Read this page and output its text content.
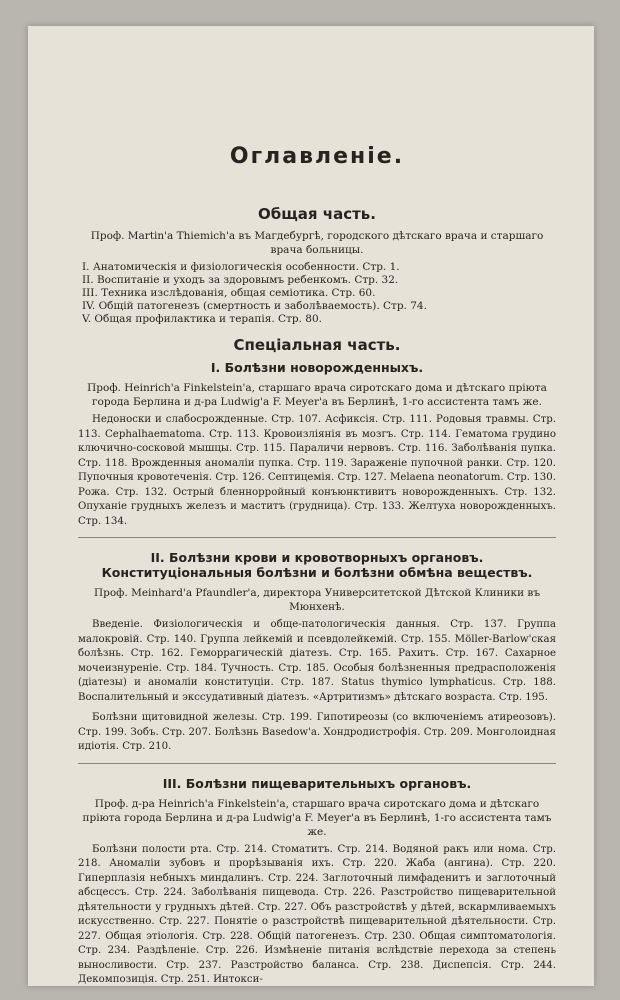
Оглавленіе.
Общая часть.
Проф. Martin'a Thiemich'a въ Магдебургѣ, городского дѣтскаго врача и старшаго врача больницы.
I. Анатомическія и физіологическія особенности. Стр. 1.
II. Воспитаніе и уходъ за здоровымъ ребенкомъ. Стр. 32.
III. Техника изслѣдованія, общая семіотика. Стр. 60.
IV. Общій патогенезъ (смертность и заболѣваемость). Стр. 74.
V. Общая профилактика и терапія. Стр. 80.
Спеціальная часть.
I. Болѣзни новорожденныхъ.
Проф. Heinrich'a Finkelstein'a, старшаго врача сиротскаго дома и дѣтскаго пріюта города Берлина и д-ра Ludwig'a F. Meyer'a въ Берлинѣ, 1-го ассистента тамъ же.

Недоноски и слабосрожденные. Стр. 107. Асфиксія. Стр. 111. Родовыя травмы. Стр. 113. Cephalhaematoma. Стр. 113. Кровоизліянія въ мозгъ. Стр. 114. Гематома грудино ключично-сосковой мышцы. Стр. 115. Параличи нервовъ. Стр. 116. Заболѣванія пупка. Стр. 118. Врожденныя аномаліи пупка. Стр. 119. Зараженіе пупочной ранки. Стр. 120. Пупочныя кровотеченія. Стр. 126. Септицемія. Стр. 127. Melaena neonatorum. Стр. 130. Рожа. Стр. 132. Острый бленнорройный конъюнктивитъ новорожденныхъ. Стр. 132. Опуханіе грудныхъ железъ и маститъ (грудница). Стр. 133. Желтуха новорожденныхъ. Стр. 134.

II. Болѣзни крови и кровотворныхъ органовъ. Конституціональныя болѣзни и болѣзни обмѣна веществъ.
Проф. Meinhard'a Pfaundler'a, директора Университетской Дѣтской Клиники въ Мюнхенѣ.

Введеніе. Физіологическія и обще-патологическія данныя. Стр. 137. Группа малокровій. Стр. 140. Группа лейкемій и псевдолейкемій. Стр. 155. Möller-Barlow'ская болѣзнь. Стр. 162. Геморрагическій діатезъ. Стр. 165. Рахитъ. Стр. 167. Сахарное мочеизнуреніе. Стр. 184. Тучность. Стр. 185. Особыя болѣзненныя предрасположенія (діатезы) и аномаліи конституціи. Стр. 187. Status thymico lymphaticus. Стр. 188. Воспалительный и экссудативный діатезъ. «Артритизмъ» дѣтскаго возраста. Стр. 195.

Болѣзни щитовидной железы. Стр. 199. Гипотиреозы (со включеніемъ атиреозовъ). Стр. 199. Зобъ. Стр. 207. Болѣзнь Basedow'а. Хондродистрофія. Стр. 209. Монголоидная идіотія. Стр. 210.

III. Болѣзни пищеварительныхъ органовъ.
Проф. д-ра Heinrich'a Finkelstein'a, старшаго врача сиротскаго дома и дѣтскаго пріюта города Берлина и д-ра Ludwig'a F. Meyer'a въ Берлинѣ, 1-го ассистента тамъ же.

Болѣзни полости рта. Стр. 214. Стоматитъ. Стр. 214. Водяной ракъ или нома. Стр. 218. Аномаліи зубовъ и прорѣзыванія ихъ. Стр. 220. Жаба (ангина). Стр. 220. Гиперплазія небныхъ миндалинъ. Стр. 224. Заглоточный лимфаденитъ и заглоточный абсцессъ. Стр. 224. Заболѣванія пищевода. Стр. 226. Разстройство пищеварительной дѣятельности у грудныхъ дѣтей. Стр. 227. Объ разстройствѣ у дѣтей, вскармливаемыхъ искусственно. Стр. 227. Понятіе о разстройствѣ пищеварительной дѣятельности. Стр. 227. Общая этіологія. Стр. 228. Общій патогенезъ. Стр. 230. Общая симптоматологія. Стр. 234. Раздѣленіе. Стр. 226. Измѣненіе питанія вслѣдствіе перехода за степень выносливости. Стр. 237. Разстройство баланса. Стр. 238. Диспепсія. Стр. 244. Декомпозиція. Стр. 251. Интокси-
